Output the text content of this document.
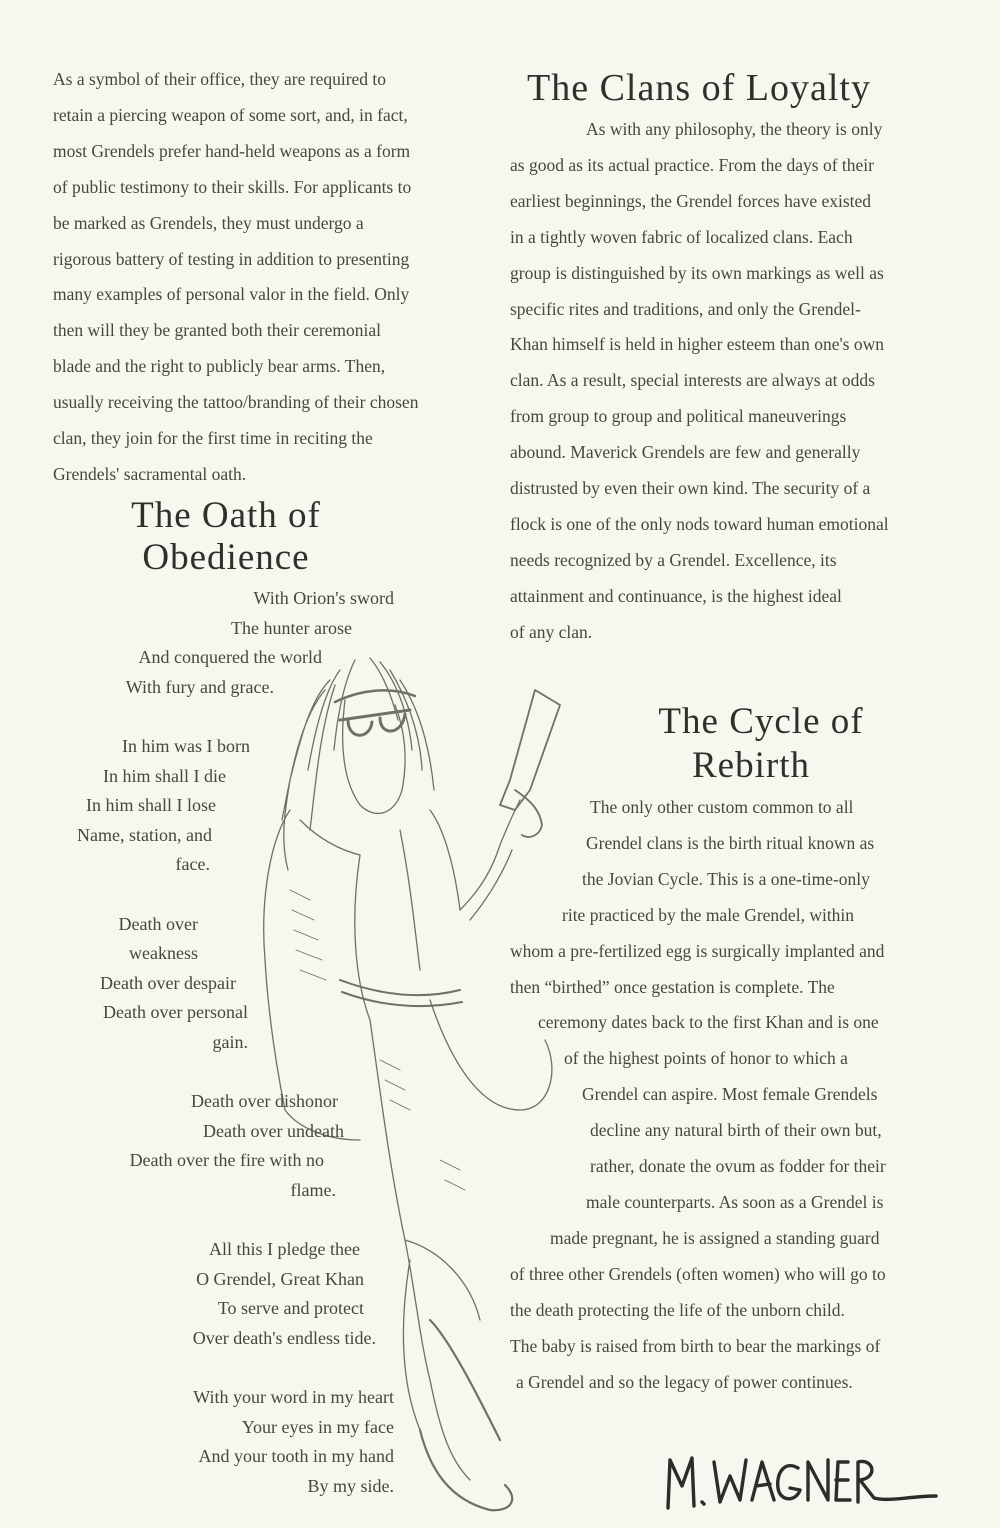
As a symbol of their office, they are required to
retain a piercing weapon of some sort, and, in fact,
most Grendels prefer hand-held weapons as a form
of public testimony to their skills. For applicants to
be marked as Grendels, they must undergo a
rigorous battery of testing in addition to presenting
many examples of personal valor in the field. Only
then will they be granted both their ceremonial
blade and the right to publicly bear arms. Then,
usually receiving the tattoo/branding of their chosen
clan, they join for the first time in reciting the
Grendels' sacramental oath.
The Oath of
Obedience
With Orion's sword
The hunter arose
And conquered the world
With fury and grace.
In him was I born
In him shall I die
In him shall I lose
Name, station, and
face.
Death over
weakness
Death over despair
Death over personal
gain.
Death over dishonor
Death over undeath
Death over the fire with no
flame.
All this I pledge thee
O Grendel, Great Khan
To serve and protect
Over death's endless tide.
With your word in my heart
Your eyes in my face
And your tooth in my hand
By my side.
The Clans of Loyalty
As with any philosophy, the theory is only
as good as its actual practice. From the days of their
earliest beginnings, the Grendel forces have existed
in a tightly woven fabric of localized clans. Each
group is distinguished by its own markings as well as
specific rites and traditions, and only the Grendel-
Khan himself is held in higher esteem than one's own
clan. As a result, special interests are always at odds
from group to group and political maneuverings
abound. Maverick Grendels are few and generally
distrusted by even their own kind. The security of a
flock is one of the only nods toward human emotional
needs recognized by a Grendel. Excellence, its
attainment and continuance, is the highest ideal
of any clan.
The Cycle of
Rebirth
The only other custom common to all
Grendel clans is the birth ritual known as
the Jovian Cycle. This is a one-time-only
rite practiced by the male Grendel, within
whom a pre-fertilized egg is surgically implanted and
then “birthed” once gestation is complete. The
ceremony dates back to the first Khan and is one
of the highest points of honor to which a
Grendel can aspire. Most female Grendels
decline any natural birth of their own but,
rather, donate the ovum as fodder for their
male counterparts. As soon as a Grendel is
made pregnant, he is assigned a standing guard
of three other Grendels (often women) who will go to
the death protecting the life of the unborn child.
The baby is raised from birth to bear the markings of
a Grendel and so the legacy of power continues.
